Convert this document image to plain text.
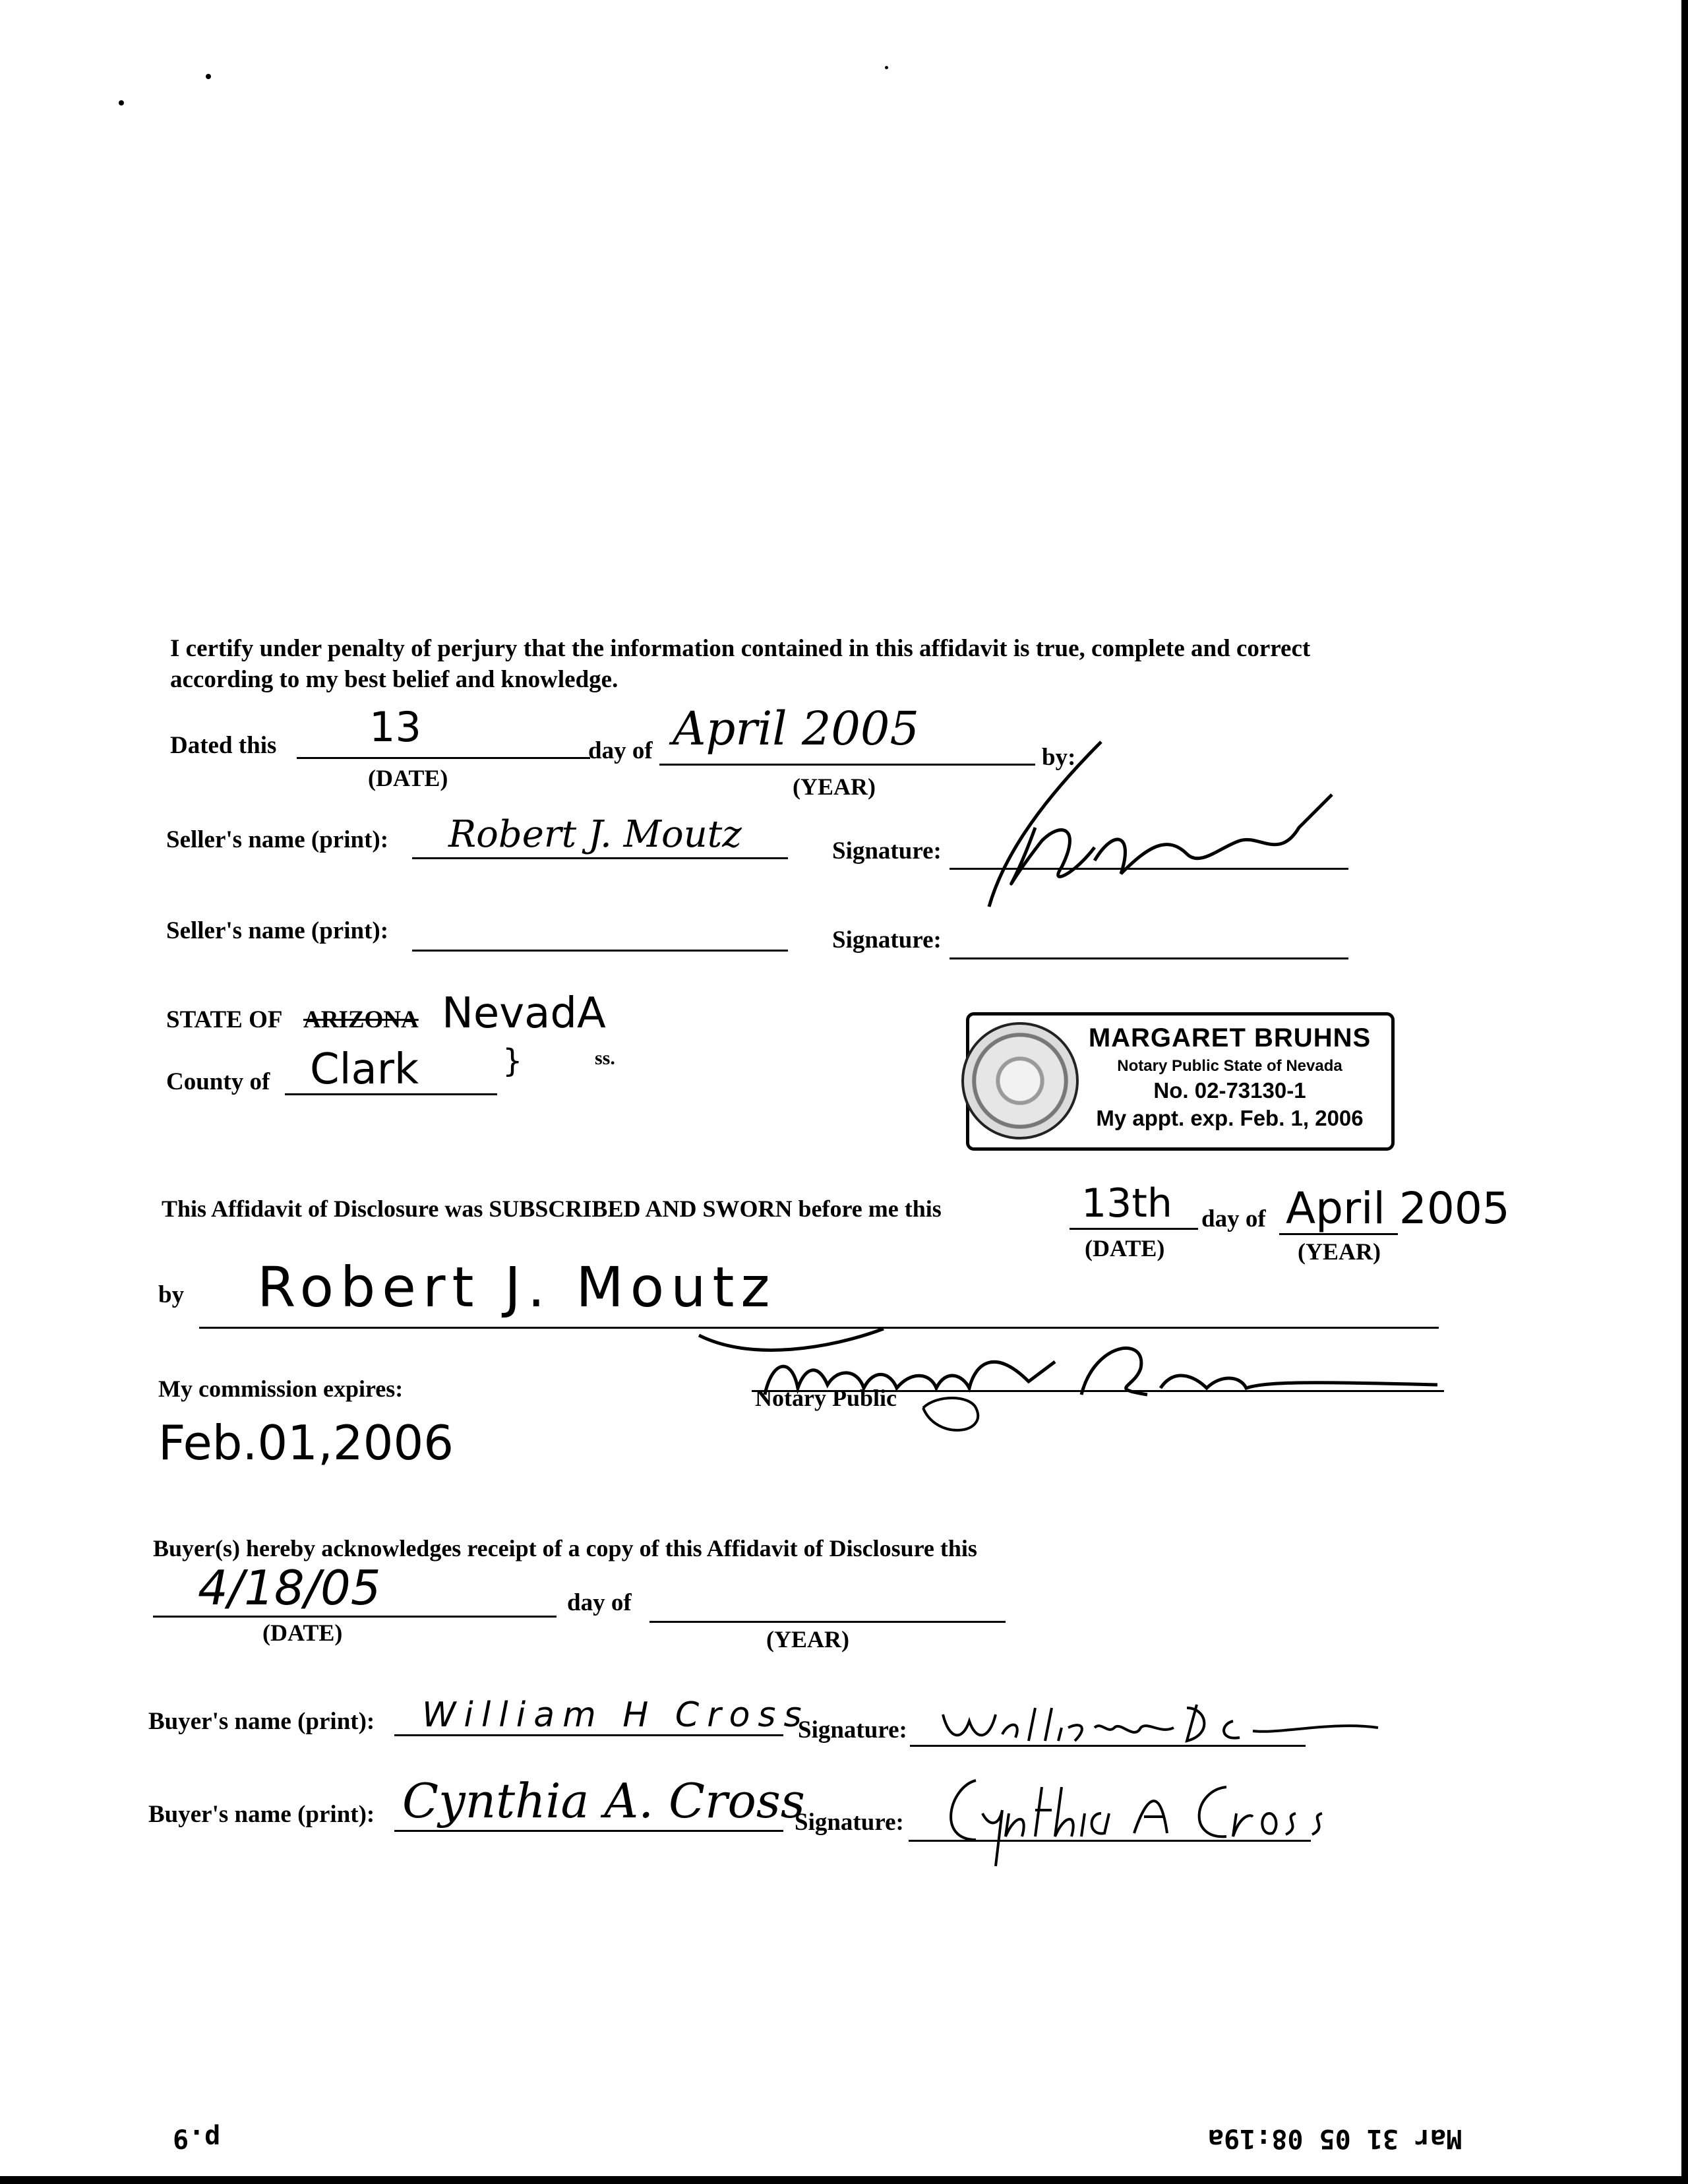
I certify under penalty of perjury that the information contained in this affidavit is true, complete and correct
according to my best belief and knowledge.
Dated this 13
(DATE)
day of April 2005
(YEAR)
by:
Seller's name (print): Robert J. Moutz	Signature:
Seller's name (print):	Signature:
STATE OF ARIZONA NevadA
County of Clark	ss.
}
MARGARET BRUHNS
Notary Public State of Nevada
No. 02-73130-1
My appt. exp. Feb. 1, 2006
This Affidavit of Disclosure was SUBSCRIBED AND SWORN before me this	13th
(DATE)
day of April 2005
(YEAR)
by Robert J. Moutz
Notary Public
My commission expires:
Feb.01,2006
Buyer(s) hereby acknowledges receipt of a copy of this Affidavit of Disclosure this
4/18/05
(DATE)
day of
(YEAR)
Buyer's name (print): William H Cross
Signature:
Buyer's name (print): Cynthia A. Cross
Signature:
p.9	Mar 31 05 08:19a
